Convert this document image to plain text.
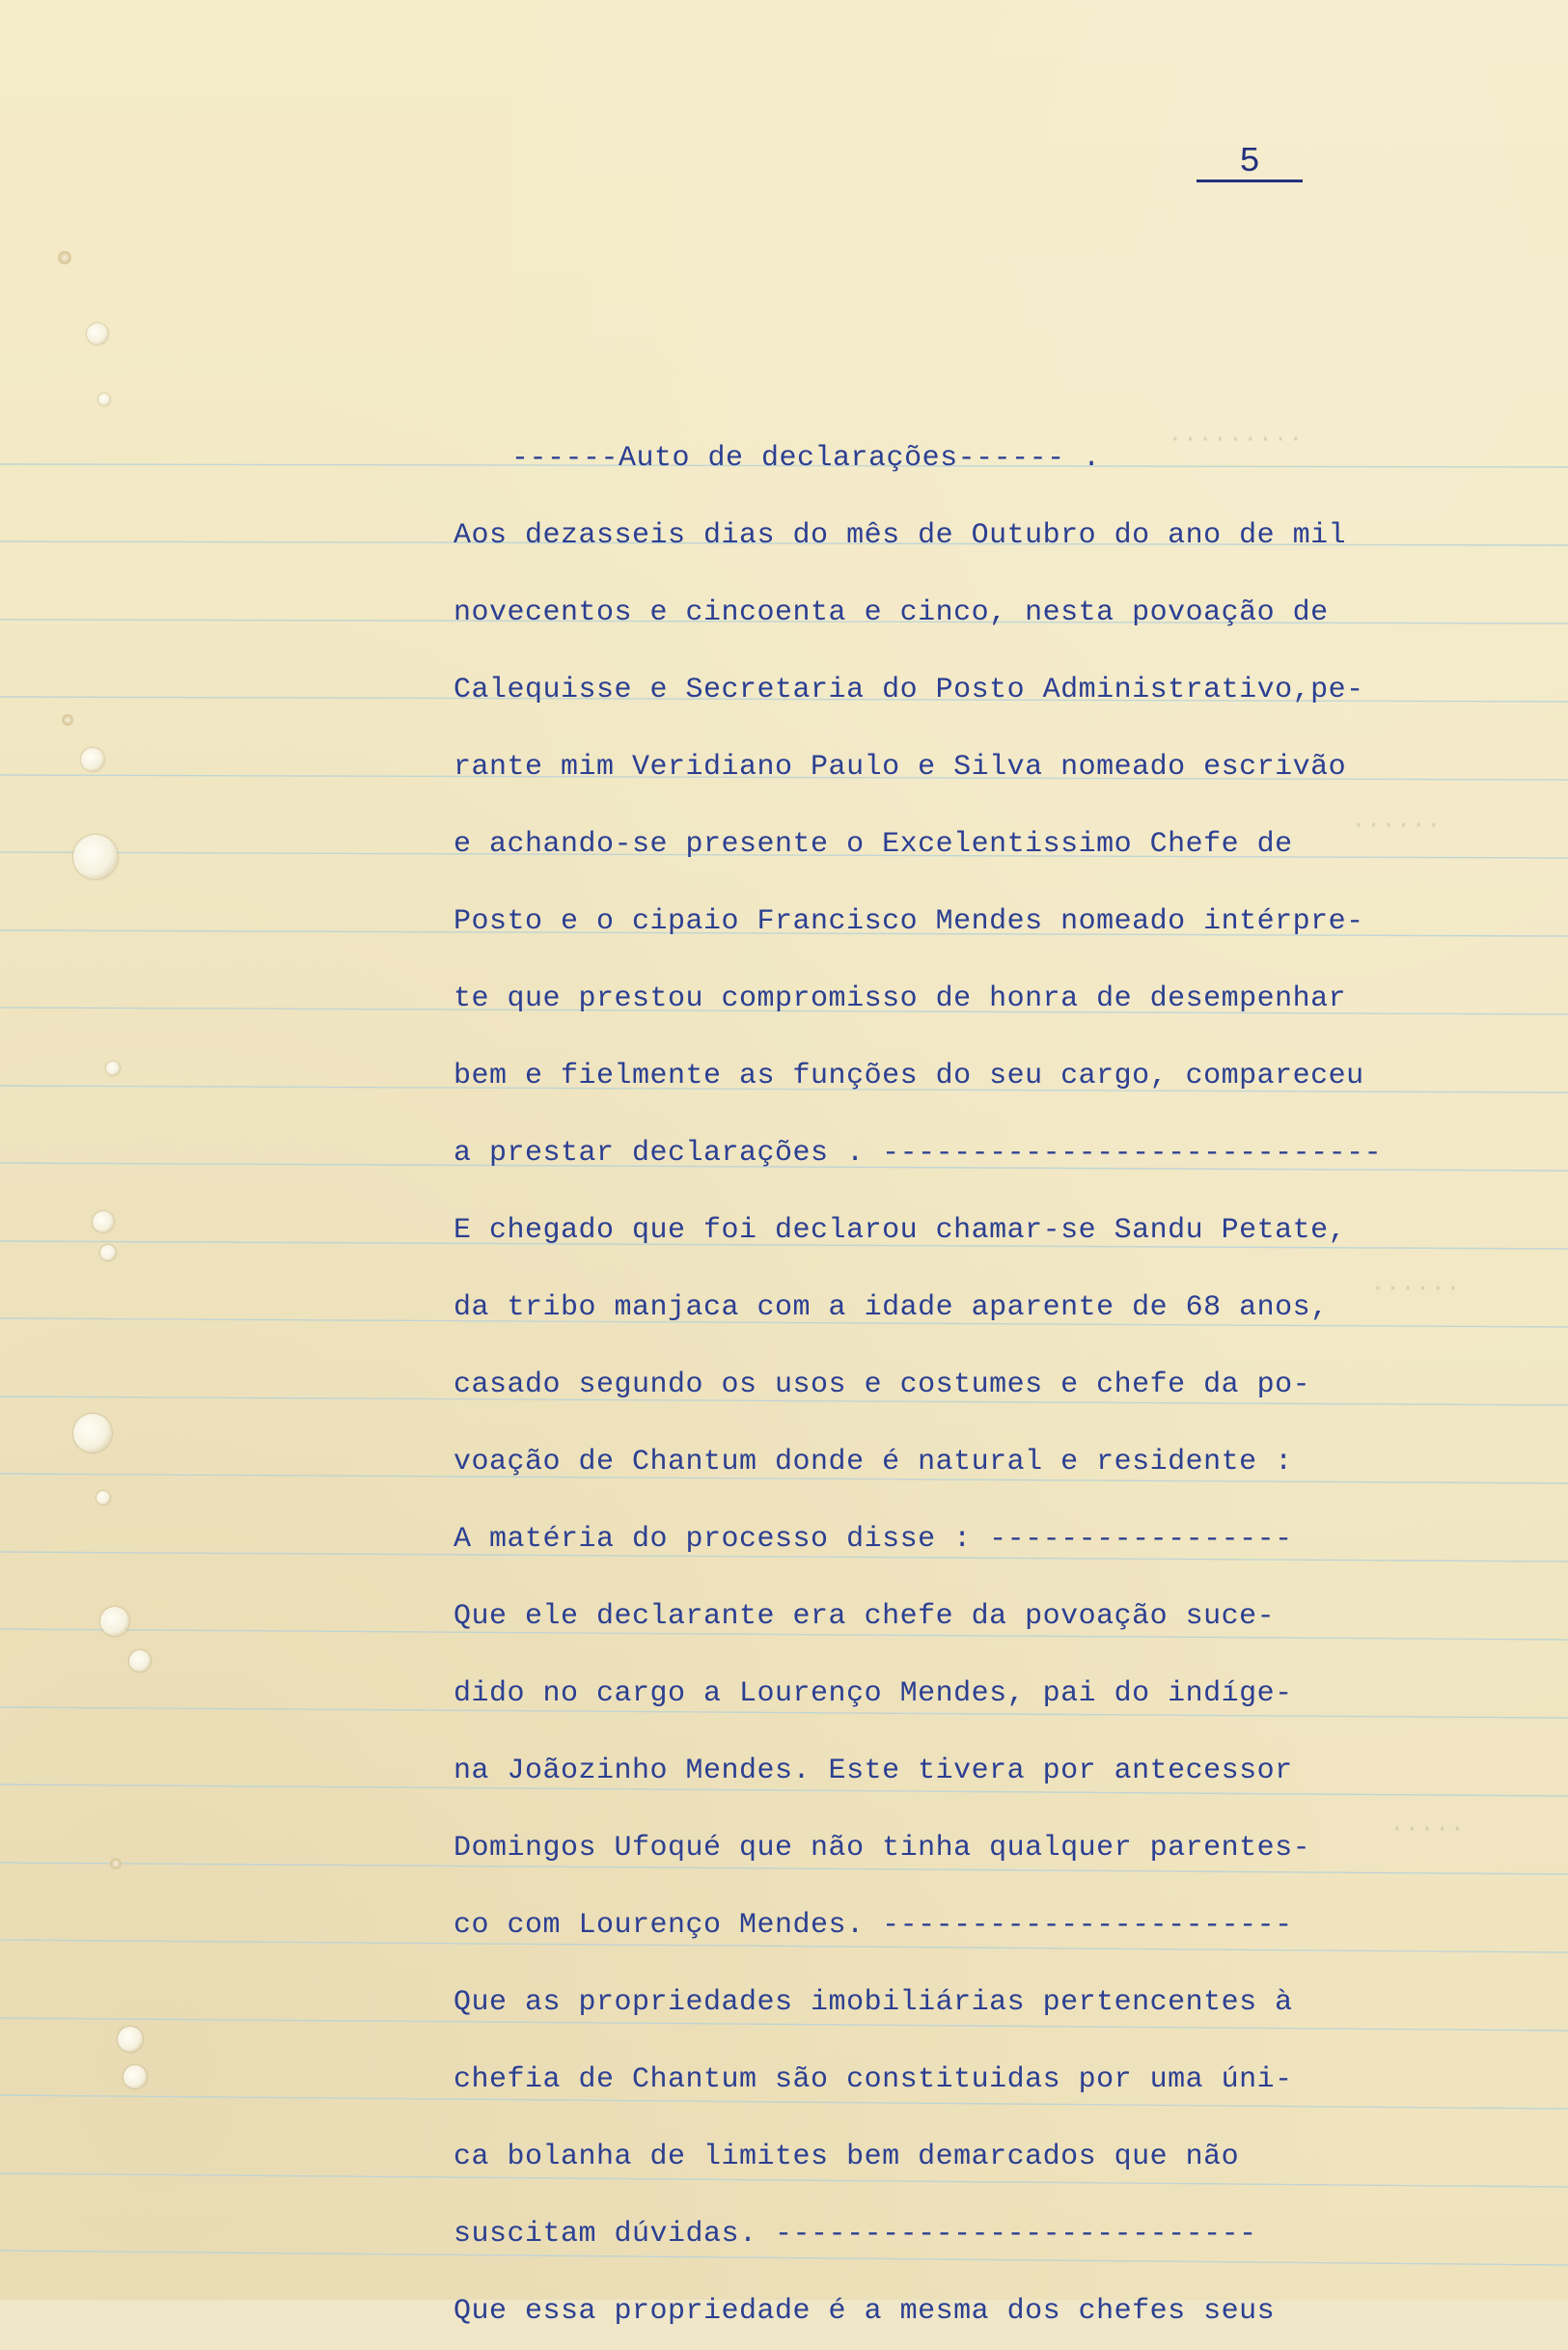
·········
······
······
·····
5
------Auto de declarações------ .
Aos dezasseis dias do mês de Outubro do ano de mil
novecentos e cincoenta e cinco, nesta povoação de
Calequisse e Secretaria do Posto Administrativo,pe-
rante mim Veridiano Paulo e Silva nomeado escrivão
e achando-se presente o Excelentissimo Chefe de
Posto e o cipaio Francisco Mendes nomeado intérpre-
te que prestou compromisso de honra de desempenhar
bem e fielmente as funções do seu cargo, compareceu
a prestar declarações . ----------------------------
E chegado que foi declarou chamar-se Sandu Petate,
da tribo manjaca com a idade aparente de 68 anos,
casado segundo os usos e costumes e chefe da po-
voação de Chantum donde é natural e residente :
A matéria do processo disse : -----------------
Que ele declarante era chefe da povoação suce-
dido no cargo a Lourenço Mendes, pai do indíge-
na Joãozinho Mendes. Este tivera por antecessor
Domingos Ufoqué que não tinha qualquer parentes-
co com Lourenço Mendes. -----------------------
Que as propriedades imobiliárias pertencentes à
chefia de Chantum são constituidas por uma úni-
ca bolanha de limites bem demarcados que não
suscitam dúvidas. ---------------------------
Que essa propriedade é a mesma dos chefes seus
